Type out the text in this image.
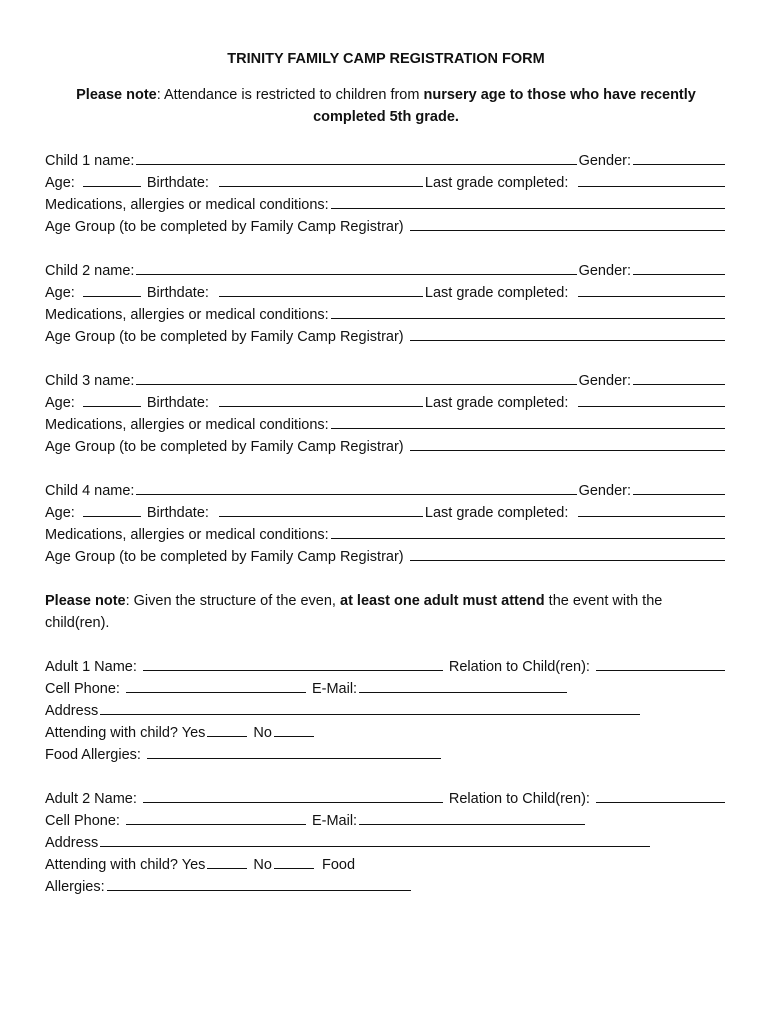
TRINITY FAMILY CAMP REGISTRATION FORM

Please note: Attendance is restricted to children from nursery age to those who have recently completed 5th grade.
Child 1 name:	Gender:
Age:	Birthdate:	Last grade completed:
Medications, allergies or medical conditions:
Age Group (to be completed by Family Camp Registrar)
Child 2 name:	Gender:
Age:	Birthdate:	Last grade completed:
Medications, allergies or medical conditions:
Age Group (to be completed by Family Camp Registrar)
Child 3 name:	Gender:
Age:	Birthdate:	Last grade completed:
Medications, allergies or medical conditions:
Age Group (to be completed by Family Camp Registrar)
Child 4 name:	Gender:
Age:	Birthdate:	Last grade completed:
Medications, allergies or medical conditions:
Age Group (to be completed by Family Camp Registrar)
Please note: Given the structure of the even, at least one adult must attend the event with the child(ren).
Adult 1 Name:	Relation to Child(ren):
Cell Phone:	E-Mail:
Address
Attending with child? Yes	No
Food Allergies:
Adult 2 Name:	Relation to Child(ren):
Cell Phone:	E-Mail:
Address
Attending with child? Yes	No	Food
Allergies:
